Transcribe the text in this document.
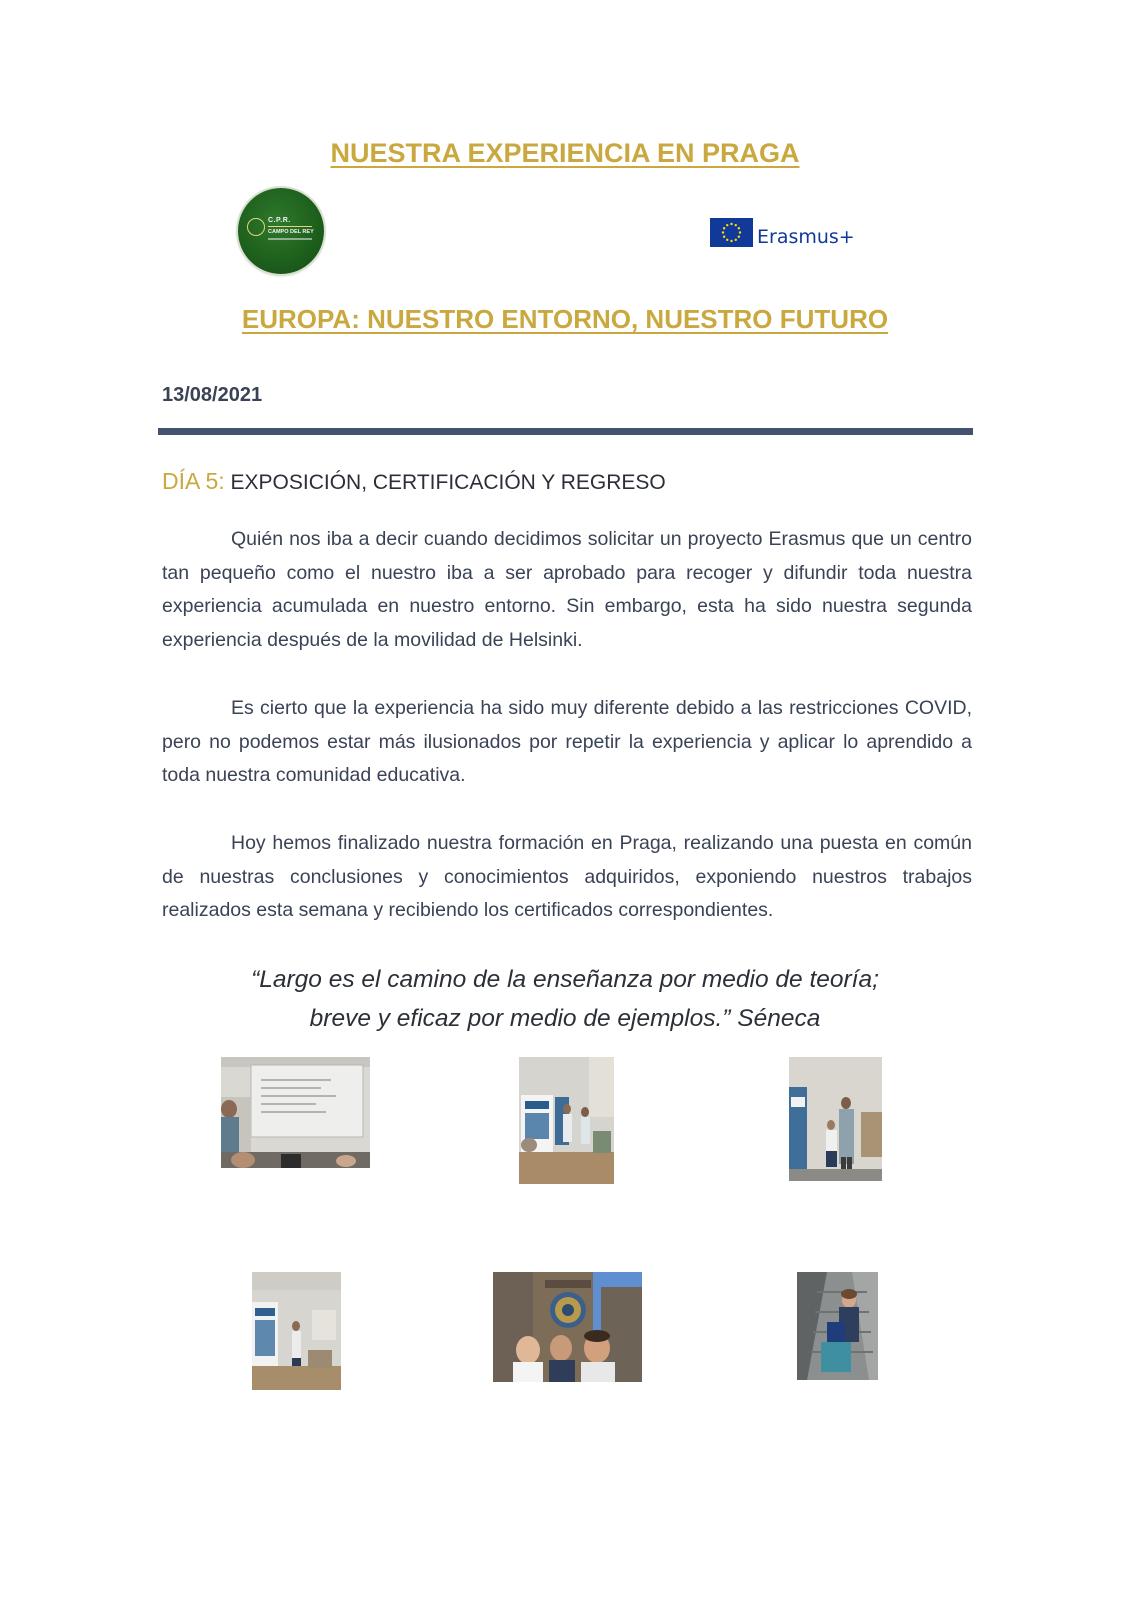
NUESTRA EXPERIENCIA EN PRAGA
C.P.R.
CAMPO DEL REY	Erasmus+
EUROPA: NUESTRO ENTORNO, NUESTRO FUTURO
13/08/2021
DÍA 5: EXPOSICIÓN, CERTIFICACIÓN Y REGRESO

Quién nos iba a decir cuando decidimos solicitar un proyecto Erasmus que un centro tan pequeño como el nuestro iba a ser aprobado para recoger y difundir toda nuestra experiencia acumulada en nuestro entorno. Sin embargo, esta ha sido nuestra segunda experiencia después de la movilidad de Helsinki.

Es cierto que la experiencia ha sido muy diferente debido a las restricciones COVID, pero no podemos estar más ilusionados por repetir la experiencia y aplicar lo aprendido a toda nuestra comunidad educativa.

Hoy hemos finalizado nuestra formación en Praga, realizando una puesta en común de nuestras conclusiones y conocimientos adquiridos, exponiendo nuestros trabajos realizados esta semana y recibiendo los certificados correspondientes.

“Largo es el camino de la enseñanza por medio de teoría;
breve y eficaz por medio de ejemplos.” Séneca
